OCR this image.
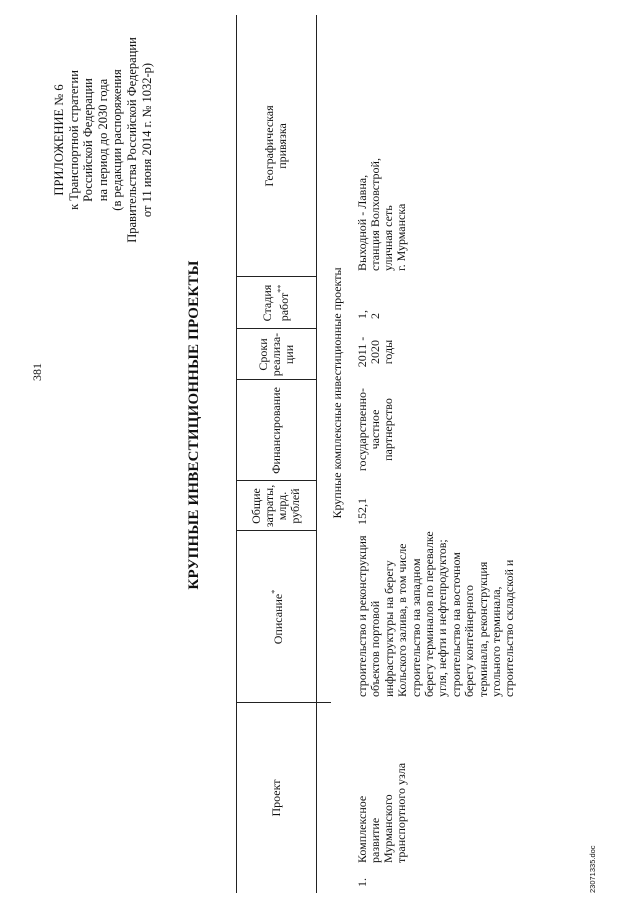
381
ПРИЛОЖЕНИЕ № 6 к Транспортной стратегии Российской Федерации на период до 2030 года (в редакции распоряжения Правительства Российской Федерации от 11 июня 2014 г. № 1032-р)
КРУПНЫЕ ИНВЕСТИЦИОННЫЕ ПРОЕКТЫ
Проект
Описание*
Общие затраты, млрд. рублей
Финансирование
Сроки реализа- ции
Стадия работ**
Географическая привязка
Крупные комплексные инвестиционные проекты
1.
Комплексное развитие Мурманского транспортного узла
строительство и реконструкция объектов портовой инфраструктуры на берегу Кольского залива, в том числе строительство на западном берегу терминалов по перевалке угля, нефти и нефтепродуктов; строительство на восточном берегу контейнерного терминала, реконструкция угольного терминала, строительство складской и
152,1
государственно- частное партнерство
2011 - 2020 годы
1, 2
Выходной - Лавна, станция Волховстрой, уличная сеть г. Мурманска
23071335.doc
